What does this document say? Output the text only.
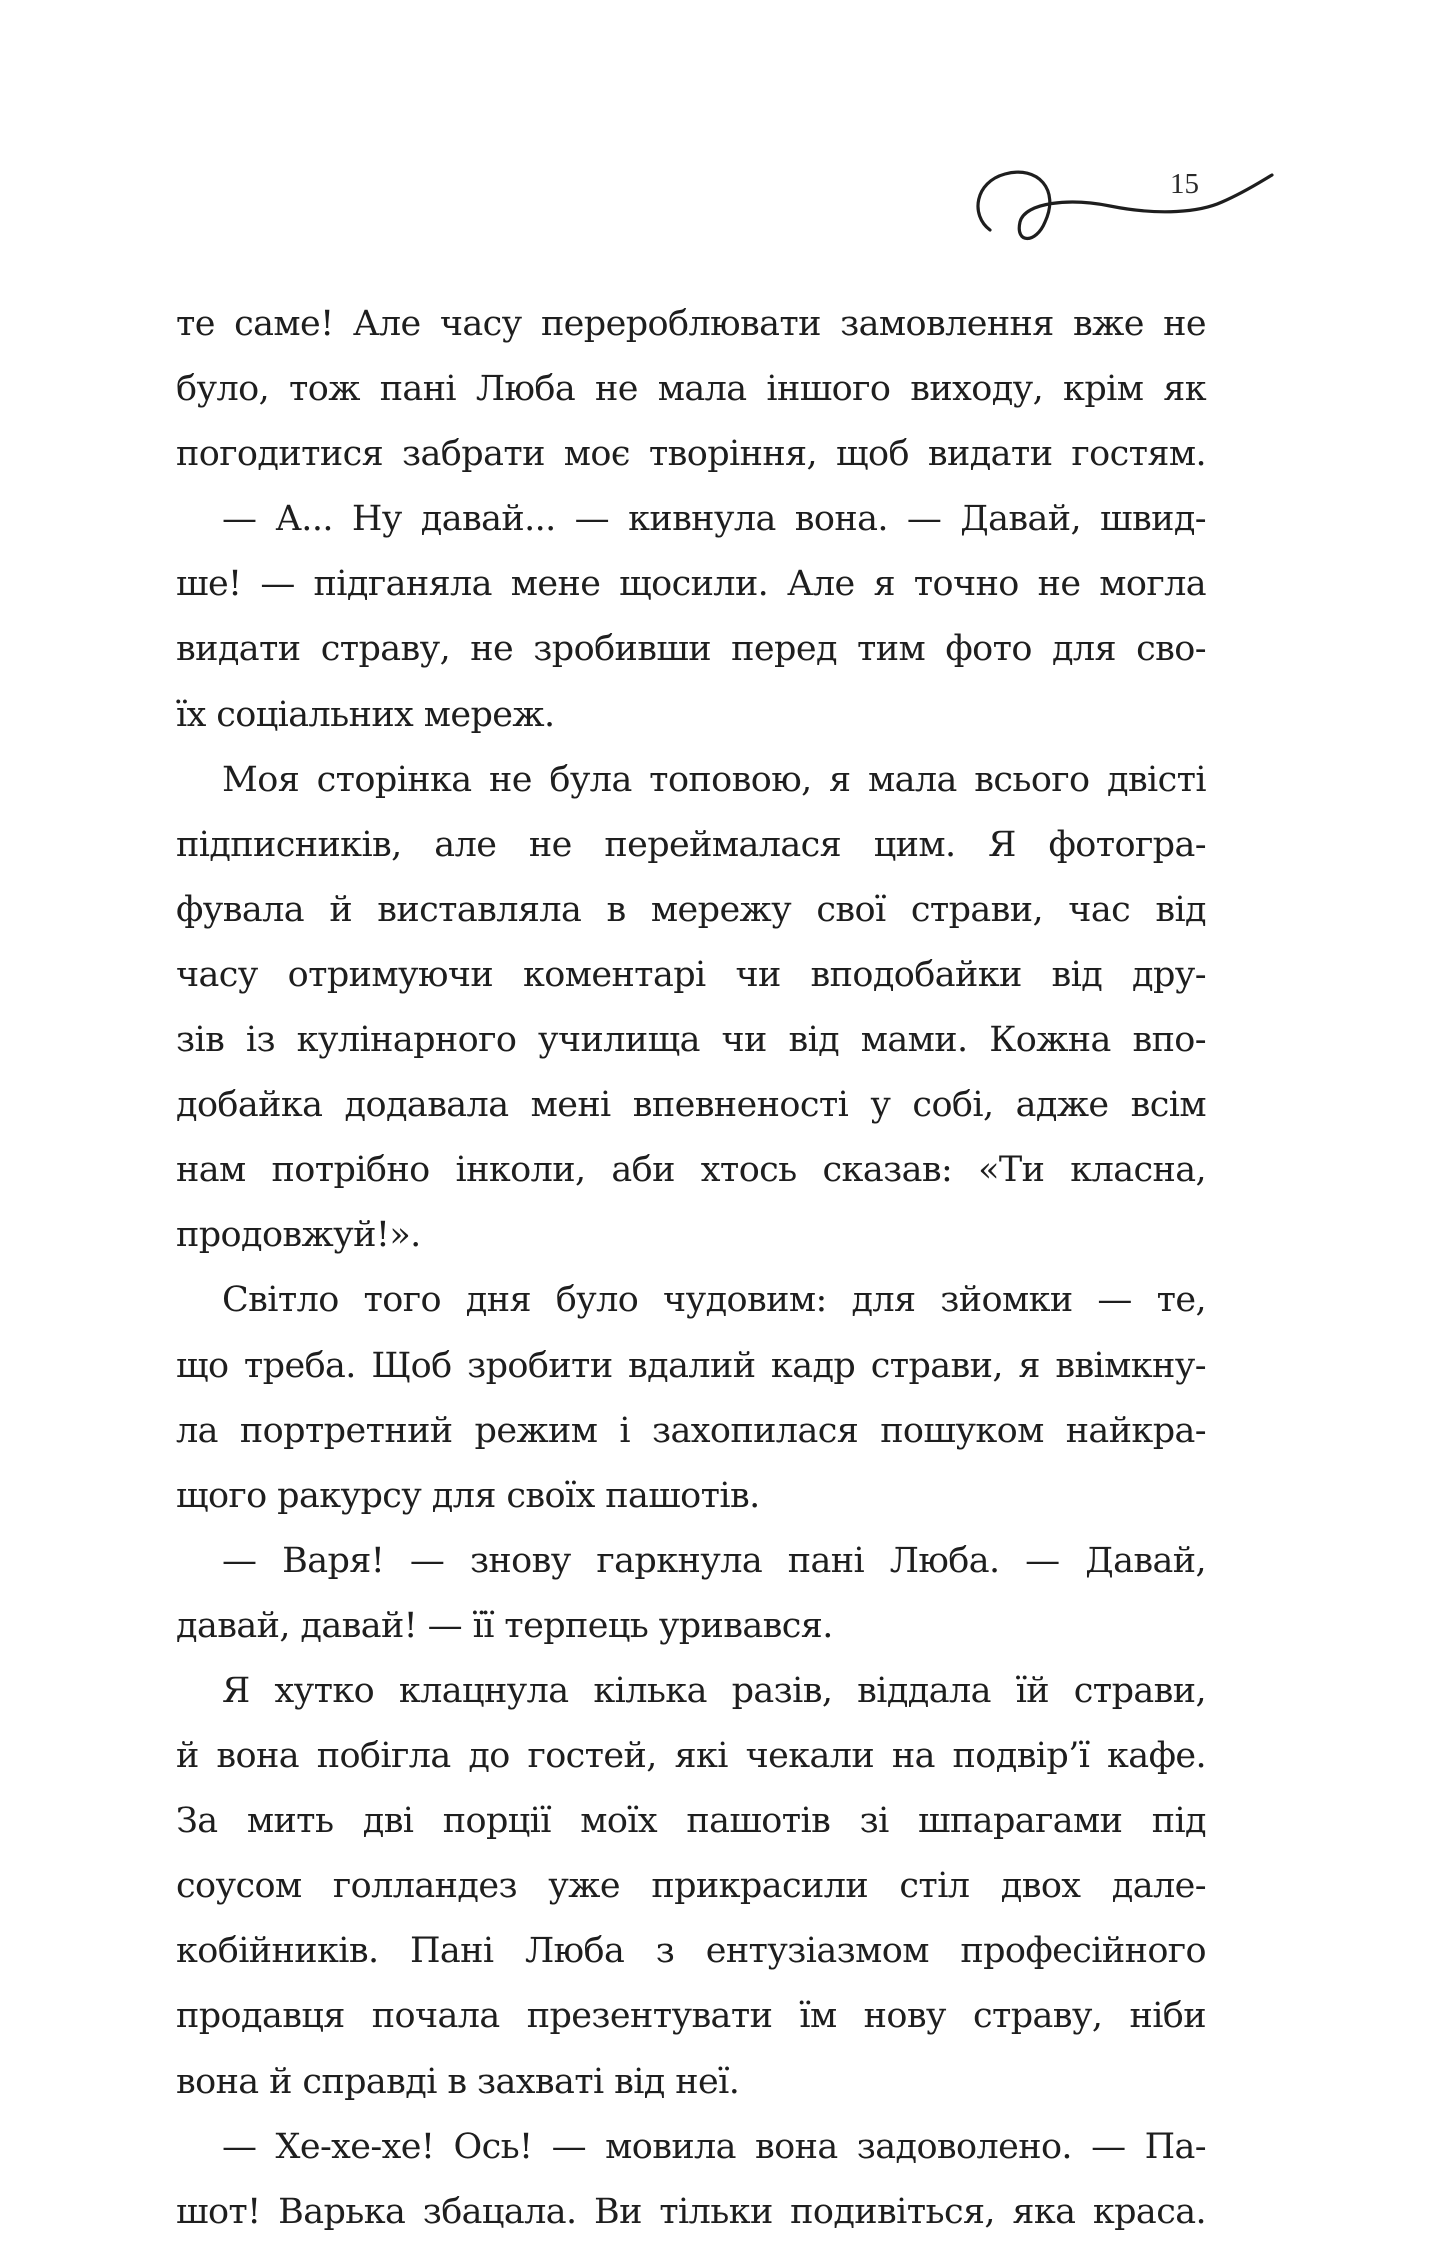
15
те саме! Але часу перероблювати замовлення вже не
було, тож пані Люба не мала іншого виходу, крім як
погодитися забрати моє творіння, щоб видати гостям.
— А... Ну давай... — кивнула вона. — Давай, швид-
ше! — підганяла мене щосили. Але я точно не могла
видати страву, не зробивши перед тим фото для сво-
їх соціальних мереж.
Моя сторінка не була топовою, я мала всього двісті
підписників, але не переймалася цим. Я фотогра-
фувала й виставляла в мережу свої страви, час від
часу отримуючи коментарі чи вподобайки від дру-
зів із кулінарного училища чи від мами. Кожна впо-
добайка додавала мені впевненості у собі, адже всім
нам потрібно інколи, аби хтось сказав: «Ти класна,
продовжуй!».
Світло того дня було чудовим: для зйомки — те,
що треба. Щоб зробити вдалий кадр страви, я ввімкну-
ла портретний режим і захопилася пошуком найкра-
щого ракурсу для своїх пашотів.
— Варя! — знову гаркнула пані Люба. — Давай,
давай, давай! — її терпець уривався.
Я хутко клацнула кілька разів, віддала їй страви,
й вона побігла до гостей, які чекали на подвір’ї кафе.
За мить дві порції моїх пашотів зі шпарагами під
соусом голландез уже прикрасили стіл двох дале-
кобійників. Пані Люба з ентузіазмом професійного
продавця почала презентувати їм нову страву, ніби
вона й справді в захваті від неї.
— Хе-хе-хе! Ось! — мовила вона задоволено. — Па-
шот! Варька збацала. Ви тільки подивіться, яка краса.
